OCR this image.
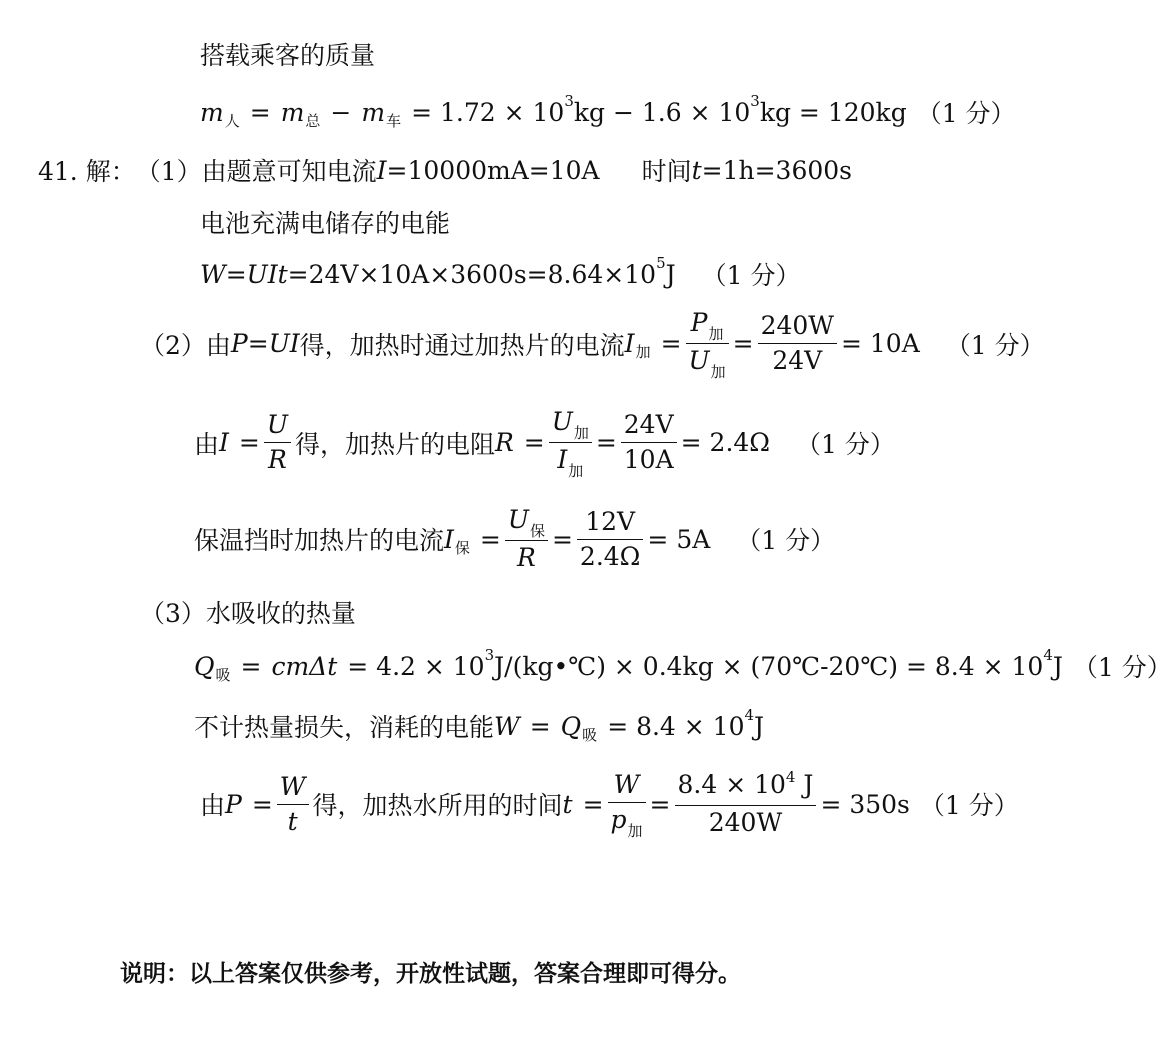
搭载乘客的质量
m 人 = m 总 − m 车 = 1.72 × 10 3 kg − 1.6 × 10 3 kg = 120kg （1 分）
41. 解： （1） 由题意可知电流 I =10000mA=10A 时间 t =1h=3600s
电池充满电储存的电能
W = UIt =24V×10A×3600s=8.64×10 5 J （1 分）
（2） 由 P = UI 得，加热时通过加热片的电流 I 加 = $\frac{P_加}{U_加} = \frac{240W}{24V} = 10A$ （1 分）
由 $I = \frac{U}{R}$ 得，加热片的电阻 $R = \frac{U_加}{I_加} = \frac{24V}{10A} = 2.4\Omega$ （1 分）
保温挡时加热片的电流 I 保 = $\frac{U_保}{R} = \frac{12V}{2.4\Omega} = 5A$ （1 分）
（3） 水吸收的热量
Q 吸 = cmΔt = 4.2 × 10 3 J/(kg•℃) × 0.4kg × (70℃-20℃) = 8.4 × 10 4 J （1 分）
不计热量损失，消耗的电能 W = Q 吸 = 8.4 × 10 4 J
由 $P = \frac{W}{t}$ 得，加热水所用的时间 $t = \frac{W}{p_加} = \frac{8.4 \times 10^4 J}{240W} = 350s$ （1 分）
说明：以上答案仅供参考，开放性试题，答案合理即可得分。
